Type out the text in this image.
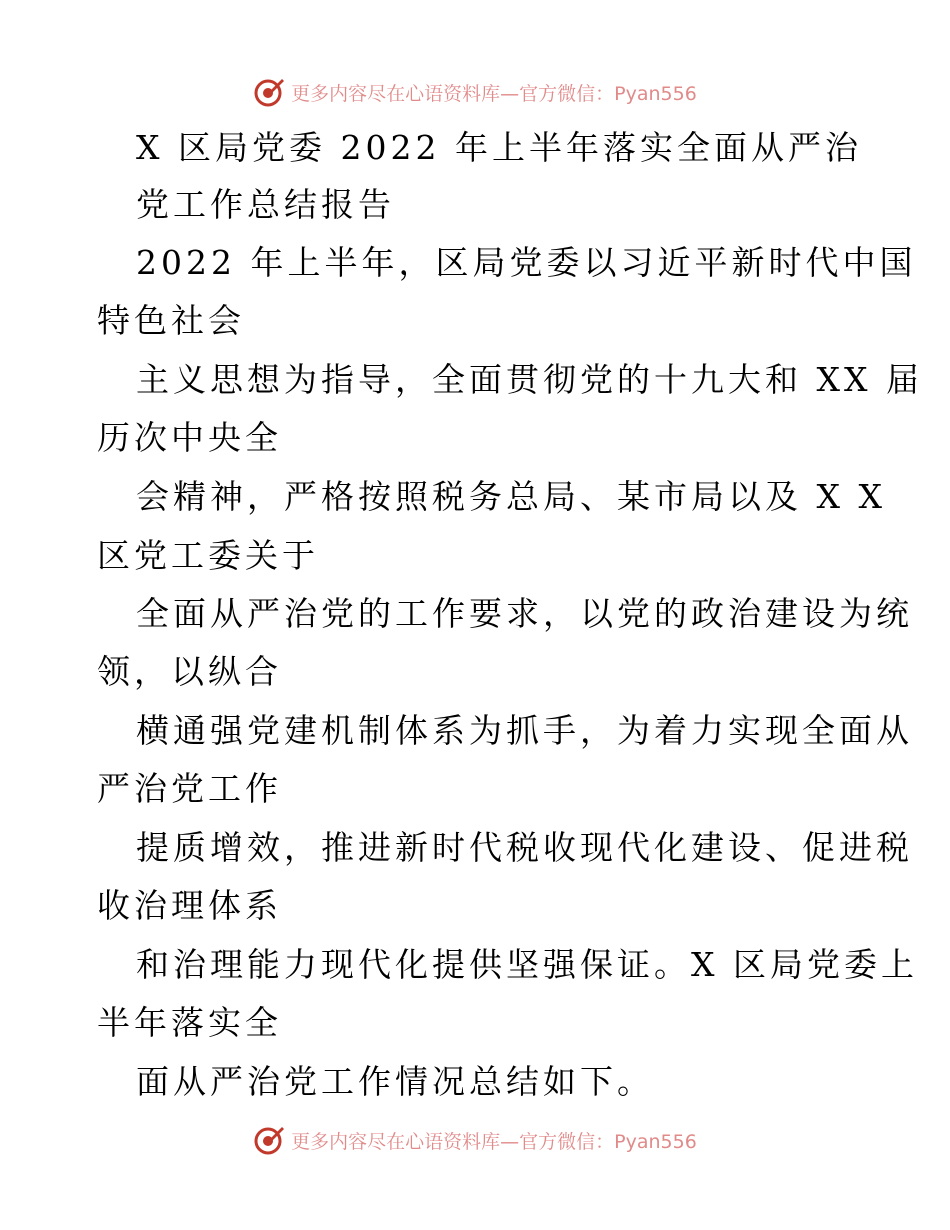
更多内容尽在心语资料库—官方微信：Pyan556
X 区局党委 2022 年上半年落实全面从严治
党工作总结报告
2022 年上半年，区局党委以习近平新时代中国
特色社会
主义思想为指导，全面贯彻党的十九大和 XX 届
历次中央全
会精神，严格按照税务总局、某市局以及 X X
区党工委关于
全面从严治党的工作要求，以党的政治建设为统
领，以纵合
横通强党建机制体系为抓手，为着力实现全面从
严治党工作
提质增效，推进新时代税收现代化建设、促进税
收治理体系
和治理能力现代化提供坚强保证。X 区局党委上
半年落实全
面从严治党工作情况总结如下。
更多内容尽在心语资料库—官方微信：Pyan556
